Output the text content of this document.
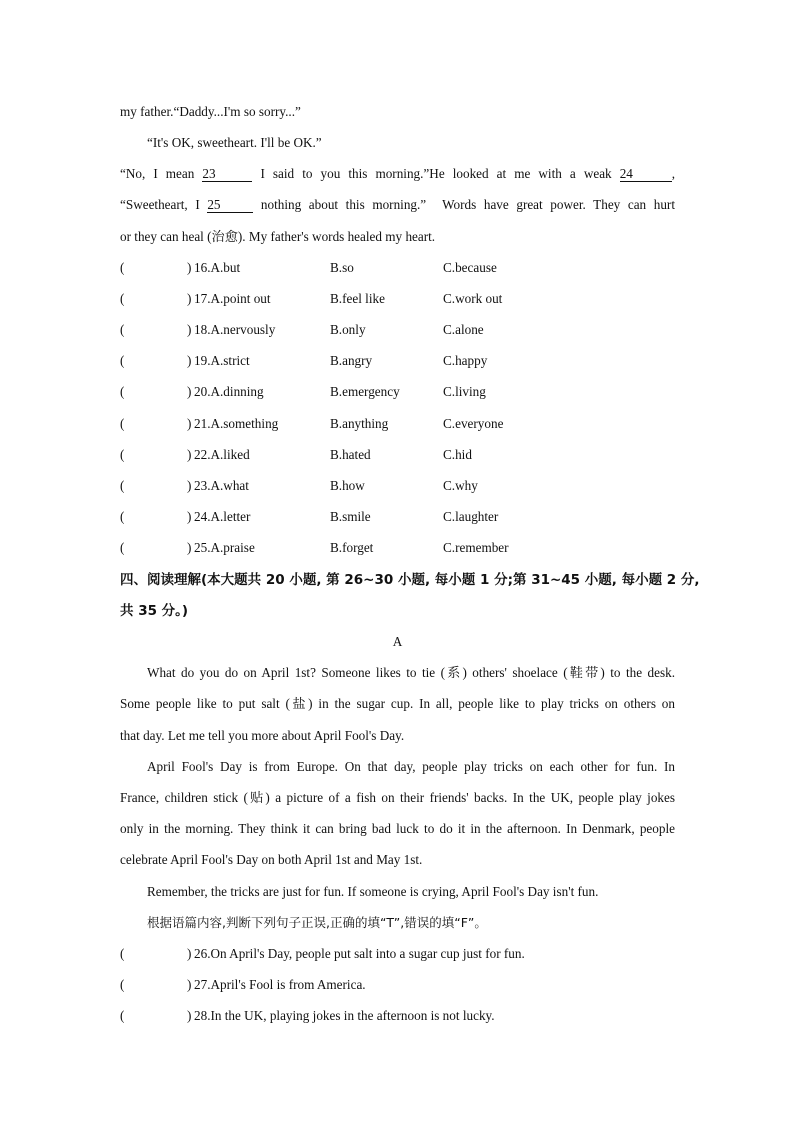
my father.“Daddy...I'm so sorry...”
“It's OK, sweetheart. I'll be OK.”
“No, I mean 23	I said to you this morning.”He looked at me with a weak 24	,
“Sweetheart, I 25 nothing about this morning.” Words have great power. They can hurt
or they can heal (治愈). My father's words healed my heart.
(	) 16.A.but	B.so	C.because
(	) 17.A.point out	B.feel like	C.work out
(	) 18.A.nervously	B.only	C.alone
(	) 19.A.strict	B.angry	C.happy
(	) 20.A.dinning	B.emergency	C.living
(	) 21.A.something	B.anything	C.everyone
(	) 22.A.liked	B.hated	C.hid
(	) 23.A.what	B.how	C.why
(	) 24.A.letter	B.smile	C.laughter
(	) 25.A.praise	B.forget	C.remember
四、阅读理解(本大题共 20 小题, 第 26~30 小题, 每小题 1 分;第 31~45 小题, 每小题 2 分,
共 35 分。)
A
What do you do on April 1st? Someone likes to tie (系) others' shoelace (鞋带) to the desk.
Some people like to put salt (盐) in the sugar cup. In all, people like to play tricks on others on
that day. Let me tell you more about April Fool's Day.
April Fool's Day is from Europe. On that day, people play tricks on each other for fun. In
France, children stick (贴) a picture of a fish on their friends' backs. In the UK, people play jokes
only in the morning. They think it can bring bad luck to do it in the afternoon. In Denmark, people
celebrate April Fool's Day on both April 1st and May 1st.
Remember, the tricks are just for fun. If someone is crying, April Fool's Day isn't fun.
根据语篇内容,判断下列句子正误,正确的填“T”,错误的填“F”。
(	) 26.On April's Day, people put salt into a sugar cup just for fun.
(	) 27.April's Fool is from America.
(	) 28.In the UK, playing jokes in the afternoon is not lucky.
